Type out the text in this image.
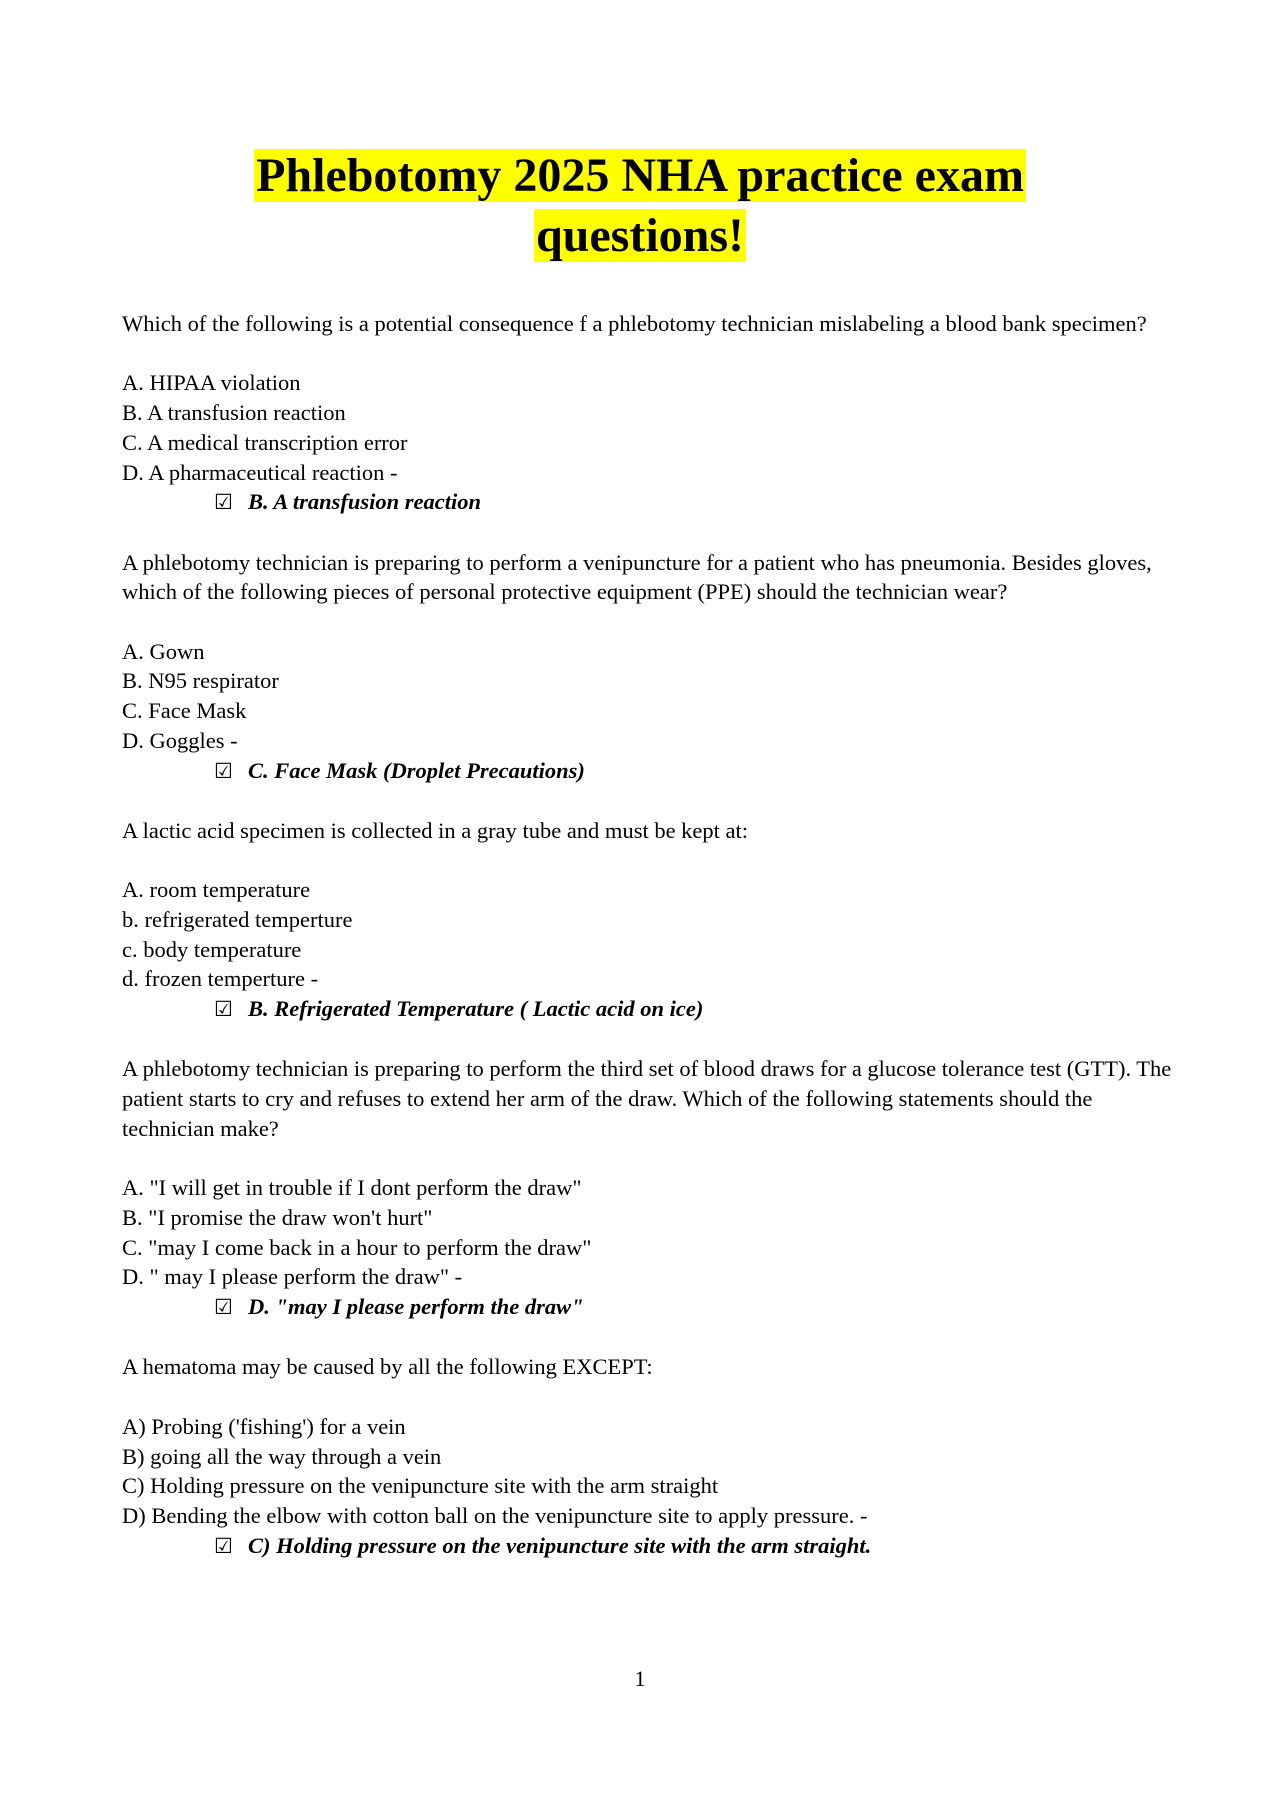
Phlebotomy 2025 NHA practice exam
questions!

Which of the following is a potential consequence f a phlebotomy technician mislabeling a blood bank specimen?

A. HIPAA violation

B. A transfusion reaction

C. A medical transcription error

D. A pharmaceutical reaction -

☑ B. A transfusion reaction

A phlebotomy technician is preparing to perform a venipuncture for a patient who has pneumonia. Besides gloves, which of the following pieces of personal protective equipment (PPE) should the technician wear?

A. Gown

B. N95 respirator

C. Face Mask

D. Goggles -

☑ C. Face Mask (Droplet Precautions)

A lactic acid specimen is collected in a gray tube and must be kept at:

A. room temperature

b. refrigerated temperture

c. body temperature

d. frozen temperture -

☑ B. Refrigerated Temperature ( Lactic acid on ice)

A phlebotomy technician is preparing to perform the third set of blood draws for a glucose tolerance test (GTT). The patient starts to cry and refuses to extend her arm of the draw. Which of the following statements should the technician make?

A. "I will get in trouble if I dont perform the draw"

B. "I promise the draw won't hurt"

C. "may I come back in a hour to perform the draw"

D. " may I please perform the draw" -

☑ D. "may I please perform the draw"

A hematoma may be caused by all the following EXCEPT:

A) Probing ('fishing') for a vein

B) going all the way through a vein

C) Holding pressure on the venipuncture site with the arm straight

D) Bending the elbow with cotton ball on the venipuncture site to apply pressure. -

☑ C) Holding pressure on the venipuncture site with the arm straight.

1
